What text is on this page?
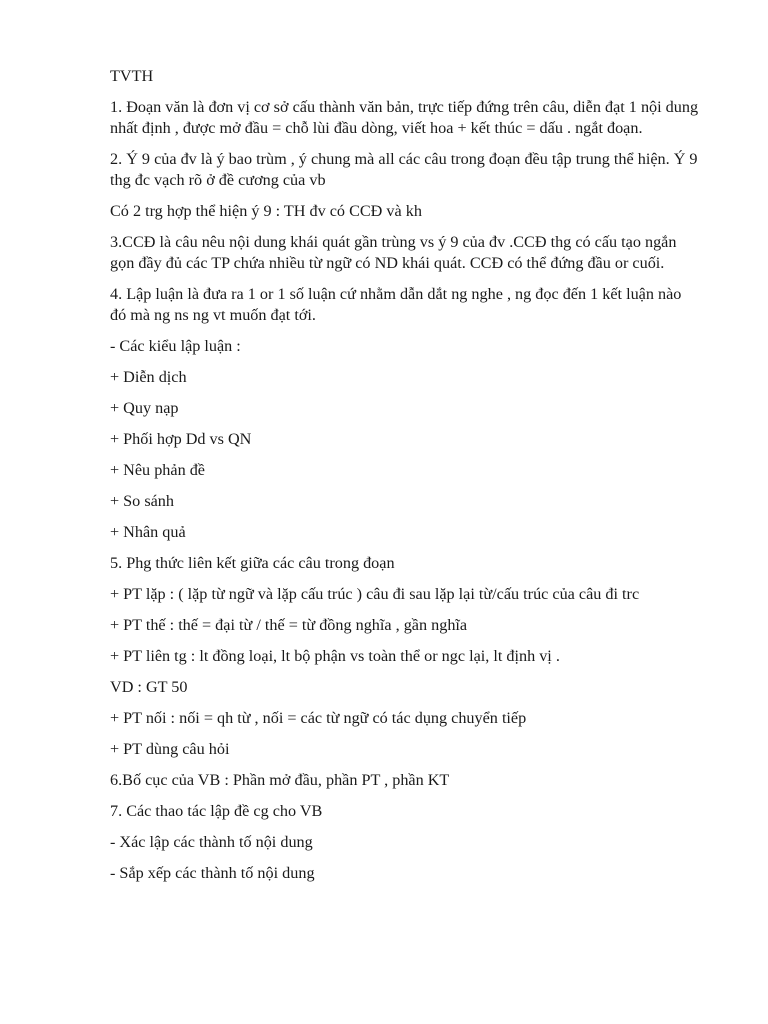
TVTH

1. Đoạn văn là đơn vị cơ sở cấu thành văn bản, trực tiếp đứng trên câu, diễn đạt 1 nội dung nhất định , được mở đầu = chỗ lùi đầu dòng, viết hoa + kết thúc = dấu . ngắt đoạn.

2. Ý 9 của đv là ý bao trùm , ý chung mà all các câu trong đoạn đều tập trung thể hiện. Ý 9 thg đc vạch rõ ở đề cương của vb

Có 2 trg hợp thể hiện ý 9 : TH đv có CCĐ và kh

3.CCĐ là câu nêu nội dung khái quát gần trùng vs ý 9 của đv .CCĐ thg có cấu tạo ngắn gọn đầy đủ các TP chứa nhiều từ ngữ có ND khái quát. CCĐ có thể đứng đầu or cuối.

4. Lập luận là đưa ra 1 or 1 số luận cứ nhằm dẫn dắt ng nghe , ng đọc đến 1 kết luận nào đó mà ng ns ng vt muốn đạt tới.

- Các kiểu lập luận :

+ Diễn dịch

+ Quy nạp

+ Phối hợp Dd vs QN

+ Nêu phản đề

+ So sánh

+ Nhân quả

5. Phg thức liên kết giữa các câu trong đoạn

+ PT lặp : ( lặp từ ngữ và lặp cấu trúc ) câu đi sau lặp lại từ/cấu trúc của câu đi trc

+ PT thế : thế = đại từ / thế = từ đồng nghĩa , gần nghĩa

+ PT liên tg : lt đồng loại, lt bộ phận vs toàn thể or ngc lại, lt định vị .

VD : GT 50

+ PT nối : nối = qh từ , nối = các từ ngữ có tác dụng chuyển tiếp

+ PT dùng câu hỏi

6.Bố cục của VB : Phần mở đầu, phần PT , phần KT

7. Các thao tác lập đề cg cho VB

- Xác lập các thành tố nội dung

- Sắp xếp các thành tố nội dung
